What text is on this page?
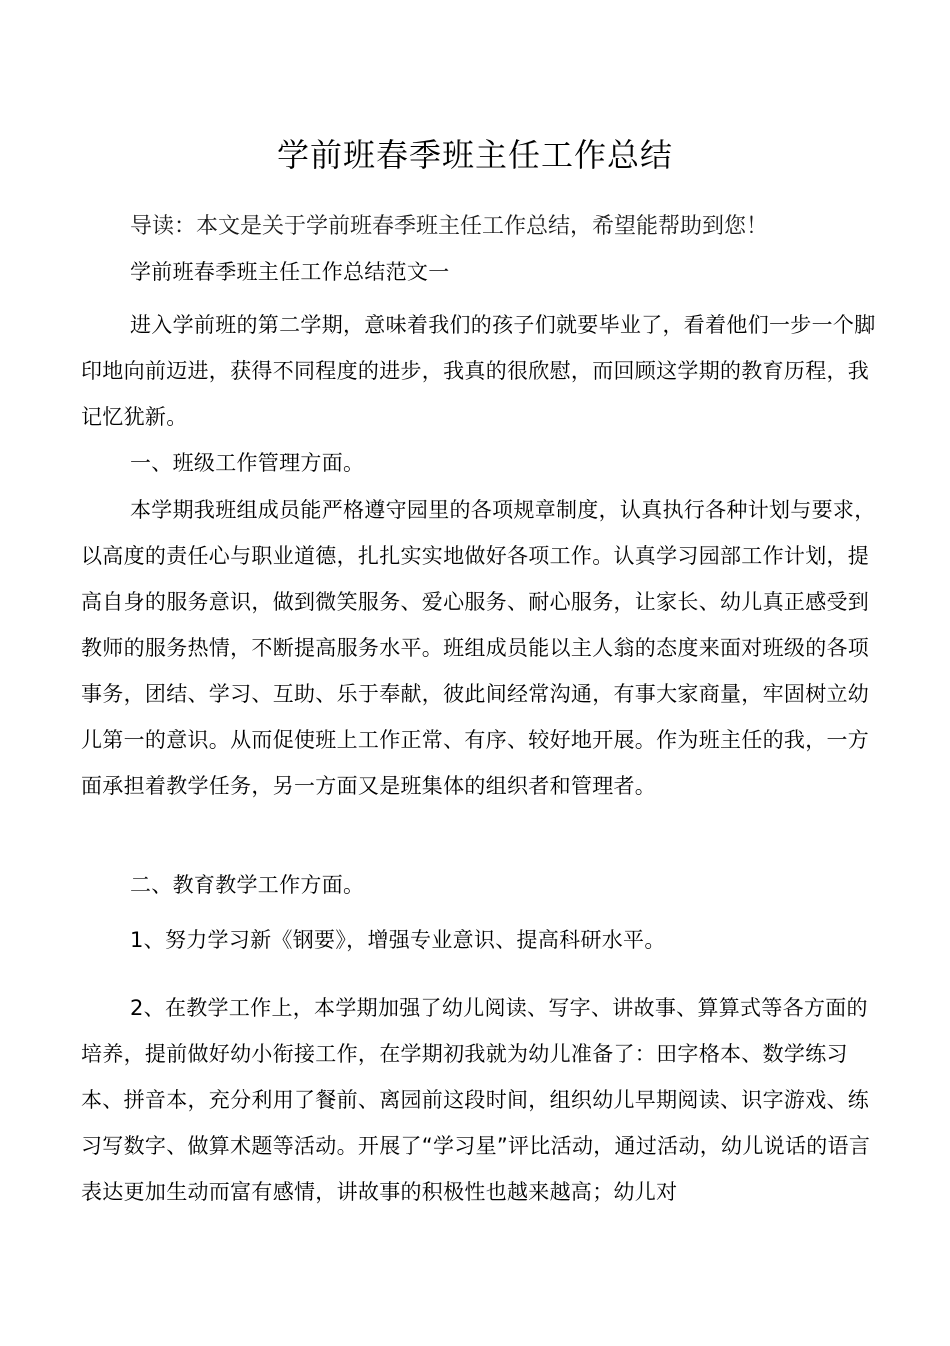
学前班春季班主任工作总结
导读：本文是关于学前班春季班主任工作总结，希望能帮助到您！

学前班春季班主任工作总结范文一

进入学前班的第二学期，意味着我们的孩子们就要毕业了，看着他们一步一个脚印地向前迈进，获得不同程度的进步，我真的很欣慰，而回顾这学期的教育历程，我记忆犹新。

一、班级工作管理方面。

本学期我班组成员能严格遵守园里的各项规章制度，认真执行各种计划与要求，以高度的责任心与职业道德，扎扎实实地做好各项工作。认真学习园部工作计划，提高自身的服务意识，做到微笑服务、爱心服务、耐心服务，让家长、幼儿真正感受到教师的服务热情，不断提高服务水平。班组成员能以主人翁的态度来面对班级的各项事务，团结、学习、互助、乐于奉献，彼此间经常沟通，有事大家商量，牢固树立幼儿第一的意识。从而促使班上工作正常、有序、较好地开展。作为班主任的我，一方面承担着教学任务，另一方面又是班集体的组织者和管理者。

二、教育教学工作方面。

1、努力学习新《钢要》，增强专业意识、提高科研水平。

2、在教学工作上，本学期加强了幼儿阅读、写字、讲故事、算算式等各方面的培养，提前做好幼小衔接工作，在学期初我就为幼儿准备了：田字格本、数学练习本、拼音本，充分利用了餐前、离园前这段时间，组织幼儿早期阅读、识字游戏、练习写数字、做算术题等活动。开展了“学习星”评比活动，通过活动，幼儿说话的语言表达更加生动而富有感情，讲故事的积极性也越来越高；幼儿对
